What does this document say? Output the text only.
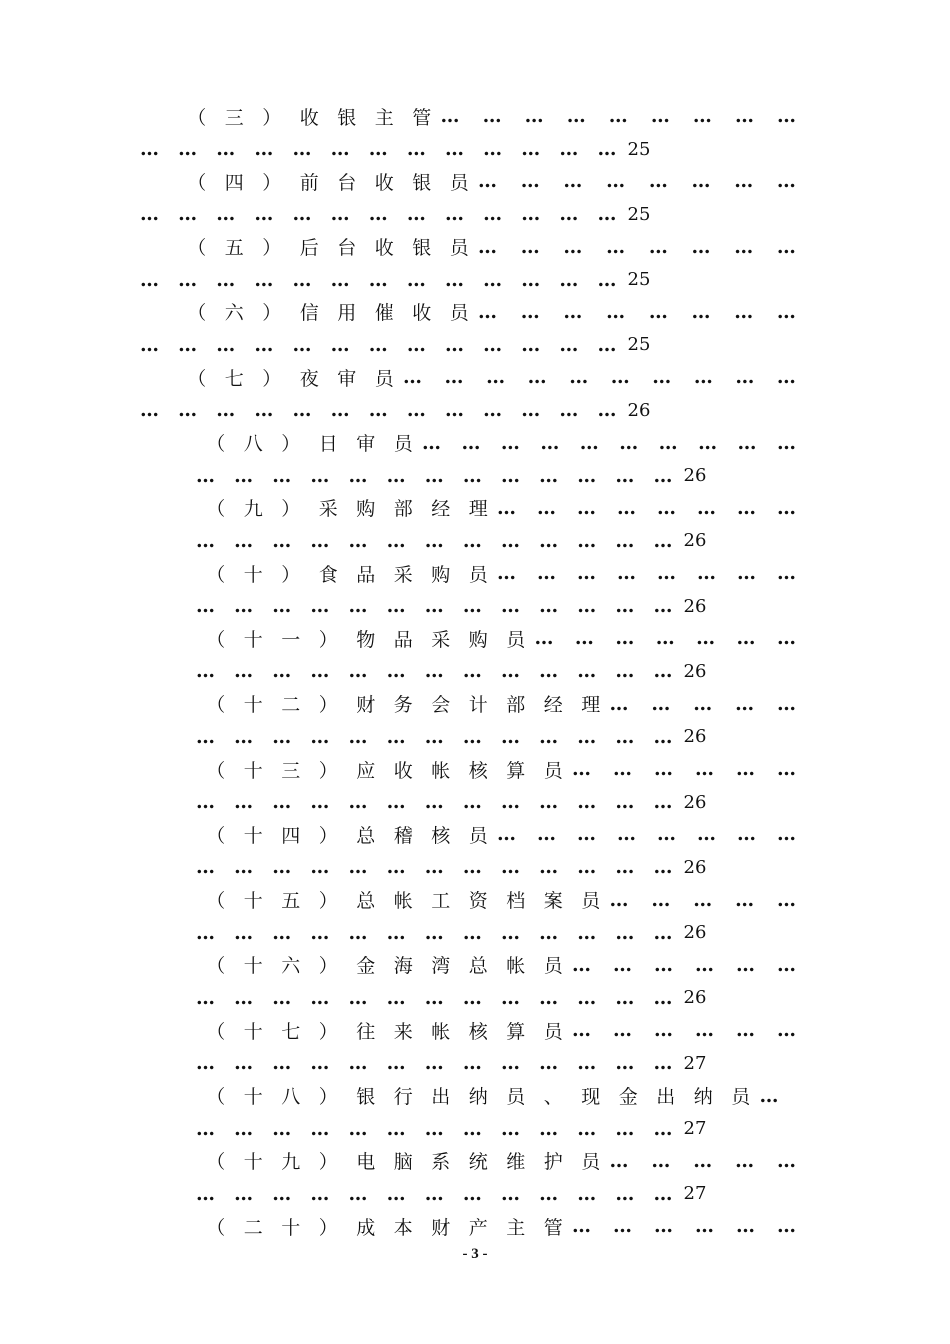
（ 三 ） 收 银 主 管 … … … … … … … … …
… … … … … … … … … … … … … 25
（ 四 ） 前 台 收 银 员 … … … … … … … …
… … … … … … … … … … … … … 25
（ 五 ） 后 台 收 银 员 … … … … … … … …
… … … … … … … … … … … … … 25
（ 六 ） 信 用 催 收 员 … … … … … … … …
… … … … … … … … … … … … … 25
（ 七 ） 夜 审 员 … … … … … … … … … …
… … … … … … … … … … … … … 26
（ 八 ） 日 审 员 … … … … … … … … … …
… … … … … … … … … … … … … 26
（ 九 ） 采 购 部 经 理 … … … … … … … …
… … … … … … … … … … … … … 26
（ 十 ） 食 品 采 购 员 … … … … … … … …
… … … … … … … … … … … … … 26
（ 十 一 ） 物 品 采 购 员 … … … … … … …
… … … … … … … … … … … … … 26
（ 十 二 ） 财 务 会 计 部 经 理 … … … … …
… … … … … … … … … … … … … 26
（ 十 三 ） 应 收 帐 核 算 员 … … … … … …
… … … … … … … … … … … … … 26
（ 十 四 ） 总 稽 核 员 … … … … … … … …
… … … … … … … … … … … … … 26
（ 十 五 ） 总 帐 工 资 档 案 员 … … … … …
… … … … … … … … … … … … … 26
（ 十 六 ） 金 海 湾 总 帐 员 … … … … … …
… … … … … … … … … … … … … 26
（ 十 七 ） 往 来 帐 核 算 员 … … … … … …
… … … … … … … … … … … … … 27
（ 十 八 ） 银 行 出 纳 员 、 现 金 出 纳 员 …
… … … … … … … … … … … … … 27
（ 十 九 ） 电 脑 系 统 维 护 员 … … … … …
… … … … … … … … … … … … … 27
（ 二 十 ） 成 本 财 产 主 管 … … … … … …
- 3 -
